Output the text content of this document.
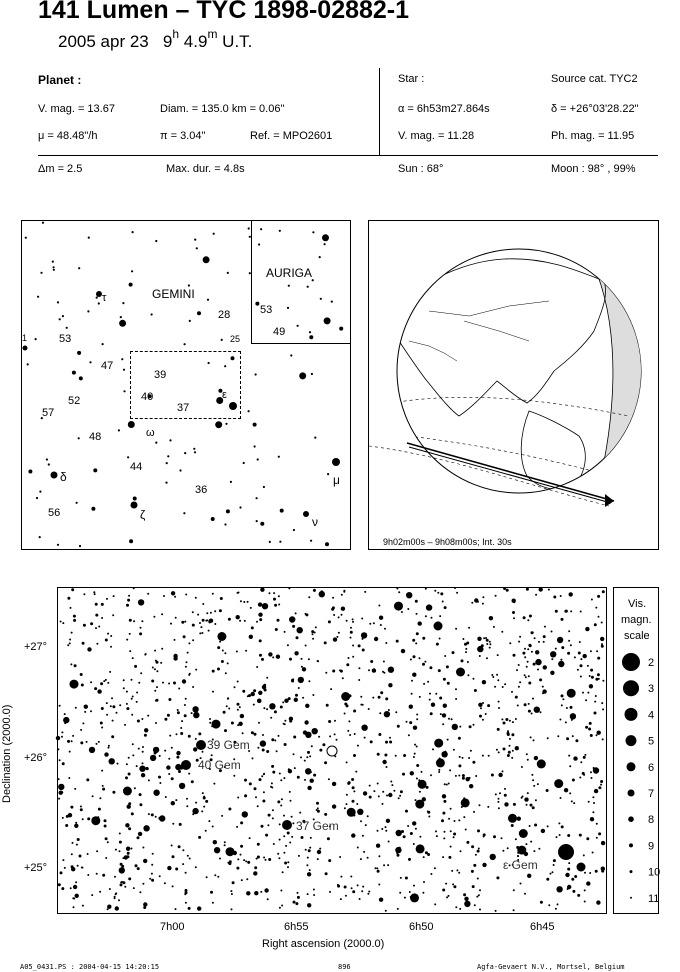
141 Lumen – TYC 1898-02882-1
2005 apr 23 9$^h$ 4.9$^m$ U.T.
Planet :
V. mag. = 13.67	Diam. = 135.0 km = 0.06"
μ = 48.48"/h	π = 3.04"	Ref. = MPO2601
Star :	Source cat. TYC2
α = 6h53m27.864s	δ = +26°03'28.22"
V. mag. = 11.28	Ph. mag. = 11.95
Δm = 2.5	Max. dur. = 4.8s	Sun : 68°	Moon : 98° , 99%
GEMINI
AURIGA
τ
28	53
49
25
53
1
47
39
40	ε
37
52
57
48	ω
44
δ
36
μ
56	ζ	ν
9h02m00s – 9h08m00s; Int. 30s
39 Gem
40 Gem
37 Gem
ε Gem
+27°
+26°
+25°
7h00	6h55	6h50	6h45
Right ascension (2000.0)
Declination (2000.0)
Vis.
magn.
scale
2
3
4
5
6
7
8
9
10
11
A05_0431.PS : 2004-04-15 14:20:15	896	Agfa-Gevaert N.V., Mortsel, Belgium
